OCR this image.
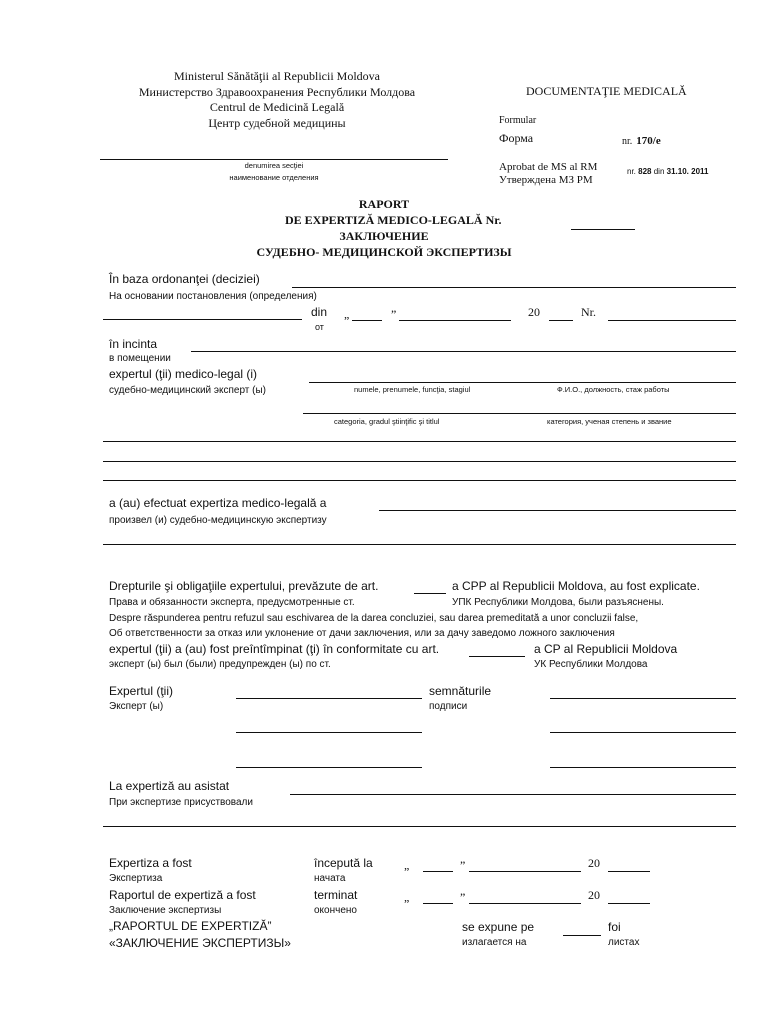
Ministerul Sănătăţii al Republicii Moldova
Министерство Здравоохранения Республики Молдова
Centrul de Medicină Legală
Центр судебной медицины
DOCUMENTAŢIE MEDICALĂ
Formular
Форма	nr. 170/e
denumirea secţiei
наименование отделения
Aprobat de MS al RM
Утверждена МЗ РМ
nr. 828 din 31.10. 2011
RAPORT
DE EXPERTIZĂ MEDICO-LEGALĂ Nr.
ЗАКЛЮЧЕНИЕ
СУДЕБНО- МЕДИЦИНСКОЙ ЭКСПЕРТИЗЫ
În baza ordonanţei (deciziei)
На основании постановления (определения)
din
от
„	”	20	Nr.
în incinta
в помещении
expertul (ţii) medico-legal (i)
судебно-медицинский эксперт (ы)	numele, prenumele, funcţia, stagiul	Ф.И.О., должность, стаж работы
categoria, gradul ştiinţific şi titlul	категория, ученая степень и звание
a (au) efectuat expertiza medico-legală a
произвел (и) судебно-медицинскую экспертизу
Drepturile şi obligaţiile expertului, prevăzute de art.	a CPP al Republicii Moldova, au fost explicate.
Права и обязанности эксперта, предусмотренные ст.	УПК Республики Молдова, были разъяснены.
Despre răspunderea pentru refuzul sau eschivarea de la darea concluziei, sau darea premeditată a unor concluzii false,
Об ответственности за отказ или уклонение от дачи заключения, или за дачу заведомо ложного заключения
expertul (ţii) a (au) fost preîntîmpinat (ţi) în conformitate cu art.	a CP al Republicii Moldova
эксперт (ы) был (были) предупрежден (ы) по ст.	УК Республики Молдова
Expertul (ţii)
Эксперт (ы)
semnăturile
подписи
La expertiză au asistat
При экспертизе присуствовали
Expertiza a fost
Экспертиза
începută la
начата
„	”	20
Raportul de expertiză a fost
Заключение экспертизы
terminat
окончено
„	”	20
„RAPORTUL DE EXPERTIZĂ”
«ЗАКЛЮЧЕНИЕ ЭКСПЕРТИЗЫ»
se expune pe
излагается на
foi
листах
